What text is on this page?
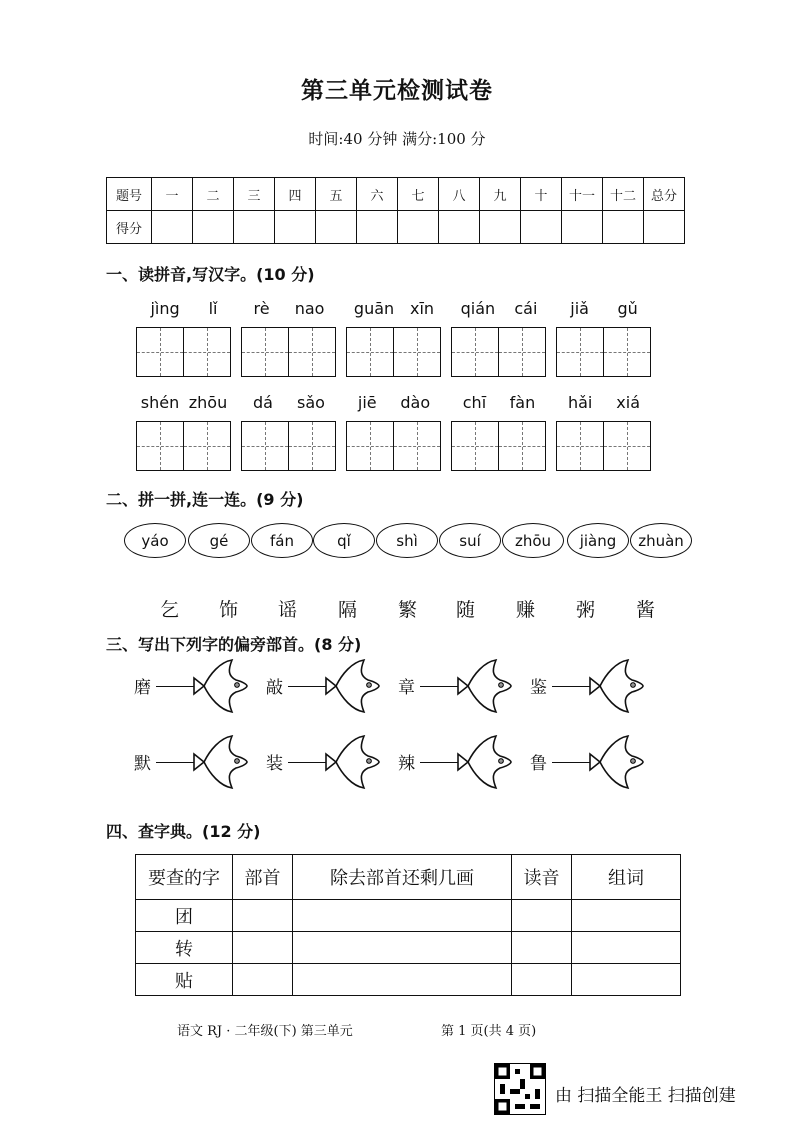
第三单元检测试卷
时间:40 分钟 满分:100 分
题号	一	二	三	四	五	六	七	八	九	十	十一	十二	总分
得分													
一、读拼音,写汉字。(10 分)
jìng lǐ rè nao guān xīn qián cái jiǎ gǔ
shén zhōu dá sǎo jiē dào chī fàn hǎi xiá
二、拼一拼,连一连。(9 分)
yáo	gé	fán	qǐ	shì	suí	zhōu	jiàng	zhuàn
乞 饰 谣 隔 繁 随 赚 粥 酱
三、写出下列字的偏旁部首。(8 分)
磨	敲	章	鉴
默	装	辣	鲁
四、查字典。(12 分)
要查的字	部首	除去部首还剩几画	读音	组词
团				
转				
贴				
语文 RJ · 二年级(下) 第三单元	第 1 页(共 4 页)
由 扫描全能王 扫描创建
